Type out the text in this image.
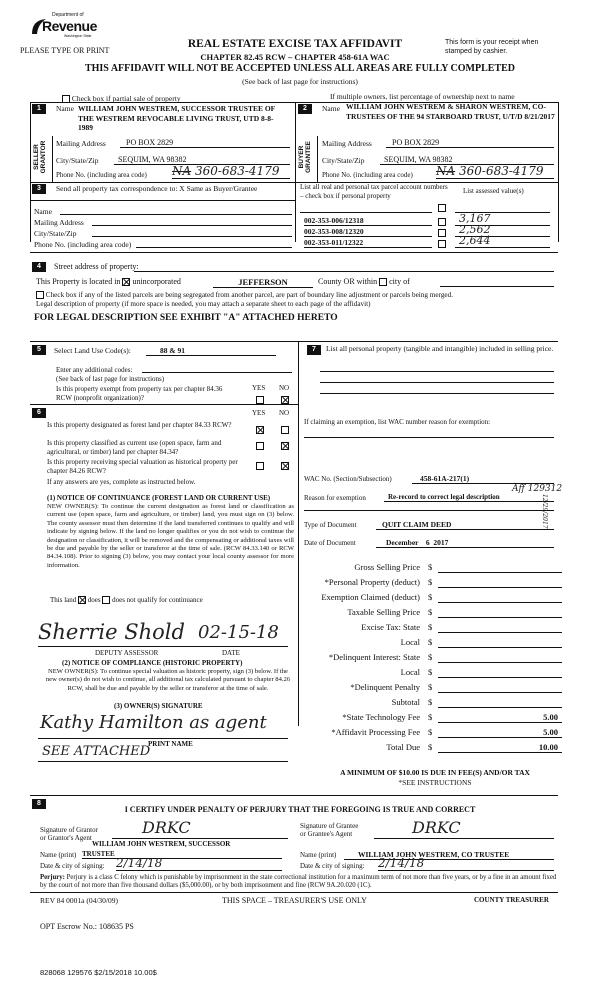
Department of
Revenue
Washington State
PLEASE TYPE OR PRINT
REAL ESTATE EXCISE TAX AFFIDAVIT
CHAPTER 82.45 RCW – CHAPTER 458-61A WAC
THIS AFFIDAVIT WILL NOT BE ACCEPTED UNLESS ALL AREAS ARE FULLY COMPLETED
(See back of last page for instructions)
This form is your receipt when stamped by cashier.
Check box if partial sale of property	If multiple owners, list percentage of ownership next to name
1
SELLER
GRANTOR
Name WILLIAM JOHN WESTREM, SUCCESSOR TRUSTEE OF THE WESTREM REVOCABLE LIVING TRUST, UTD 8-8-1989
Mailing Address	PO BOX 2829
City/State/Zip	SEQUIM, WA 98382
Phone No. (including area code) NA 360-683-4179
2
BUYER
GRANTEE
Name WILLIAM JOHN WESTREM & SHARON WESTREM, CO-TRUSTEES OF THE 94 STARBOARD TRUST, U/T/D 8/21/2017
Mailing Address	PO BOX 2829
City/State/Zip	SEQUIM, WA 98382
Phone No. (including area code) NA 360-683-4179
3	Send all property tax correspondence to: X Same as Buyer/Grantee	List all real and personal tax parcel account numbers – check box if personal property
List assessed value(s)
Name
Mailing Address
City/State/Zip
Phone No. (including area code)
002-353-006/12318	3,167
002-353-008/12320	2,562
002-353-011/12322	2,644
4	Street address of property:
This Property is located in unincorporated	JEFFERSON	County OR within city of
Check box if any of the listed parcels are being segregated from another parcel, are part of boundary line adjustment or parcels being merged.
Legal description of property (if more space is needed, you may attach a separate sheet to each page of the affidavit)
FOR LEGAL DESCRIPTION SEE EXHIBIT "A" ATTACHED HERETO
5	Select Land Use Code(s):	88 & 91
Enter any additional codes:
(See back of last page for instructions)
YES NO
Is this property exempt from property tax per chapter 84.36 RCW (nonprofit organization)?
7	List all personal property (tangible and intangible) included in selling price.
6	YES NO
Is this property designated as forest land per chapter 84.33 RCW?
Is this property classified as current use (open space, farm and agricultural, or timber) land per chapter 84.34?
Is this property receiving special valuation as historical property per chapter 84.26 RCW?
If any answers are yes, complete as instructed below.
(1) NOTICE OF CONTINUANCE (FOREST LAND OR CURRENT USE)
NEW OWNER(S): To continue the current designation as forest land or classification as current use (open space, farm and agriculture, or timber) land, you must sign on (3) below. The county assessor must then determine if the land transferred continues to qualify and will indicate by signing below. If the land no longer qualifies or you do not wish to continue the designation or classification, it will be removed and the compensating or additional taxes will be due and payable by the seller or transferor at the time of sale. (RCW 84.33.140 or RCW 84.34.108). Prior to signing (3) below, you may contact your local county assessor for more information.
This land does does not qualify for continuance
Sherrie Shold 02-15-18
DEPUTY ASSESSOR	DATE
(2) NOTICE OF COMPLIANCE (HISTORIC PROPERTY)
NEW OWNER(S): To continue special valuation as historic property, sign (3) below. If the new owner(s) do not wish to continue, all additional tax calculated pursuant to chapter 84.26 RCW, shall be due and payable by the seller or transferor at the time of sale.
(3) OWNER(S) SIGNATURE
Kathy Hamilton as agent
PRINT NAME
SEE ATTACHED
If claiming an exemption, list WAC number reason for exemption:
WAC No. (Section/Subsection)	458-61A-217(1)
Reason for exemption	Re-record to correct legal description
Aff 129312
12/29/2017
Type of Document	QUIT CLAIM DEED
Date of Document	December    6  2017
Gross Selling Price $
*Personal Property (deduct) $
Exemption Claimed (deduct) $
Taxable Selling Price $
Excise Tax: State $
Local $
*Delinquent Interest: State $
Local $
*Delinquent Penalty $
Subtotal $
*State Technology Fee $	5.00
*Affidavit Processing Fee $	5.00
Total Due $	10.00
A MINIMUM OF $10.00 IS DUE IN FEE(S) AND/OR TAX
*SEE INSTRUCTIONS
8
I CERTIFY UNDER PENALTY OF PERJURY THAT THE FOREGOING IS TRUE AND CORRECT
Signature of Grantor or Grantor's Agent
DRKC
WILLIAM JOHN WESTREM, SUCCESSOR
Name (print) TRUSTEE
Date & city of signing: 2/14/18
Signature of Grantee or Grantee's Agent	DRKC
Name (print)	WILLIAM JOHN WESTREM, CO TRUSTEE
Date & city of signing: 2/14/18
Perjury: Perjury is a class C felony which is punishable by imprisonment in the state correctional institution for a maximum term of not more than five years, or by a fine in an amount fixed by the court of not more than five thousand dollars ($5,000.00), or by both imprisonment and fine (RCW 9A.20.020 (1C).
REV 84 0001a (04/30/09)	THIS SPACE – TREASURER'S USE ONLY	COUNTY TREASURER
OPT Escrow No.: 108635 PS
828068 129576 $2/15/2018 10.00$
